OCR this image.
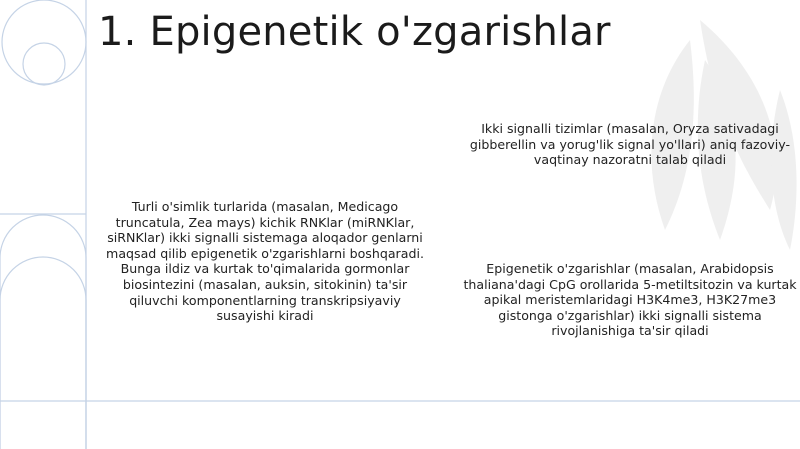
1. Epigenetik o'zgarishlar
Turli o'simlik turlarida (masalan, Medicago truncatula, Zea mays) kichik RNKlar (miRNKlar, siRNKlar) ikki signalli sistemaga aloqador genlarni maqsad qilib epigenetik o'zgarishlarni boshqaradi. Bunga ildiz va kurtak to'qimalarida gormonlar biosintezini (masalan, auksin, sitokinin) ta'sir qiluvchi komponentlarning transkripsiyaviy susayishi kiradi
Ikki signalli tizimlar (masalan, Oryza sativadagi gibberellin va yorug'lik signal yo'llari) aniq fazoviy-vaqtinay nazoratni talab qiladi
Epigenetik o'zgarishlar (masalan, Arabidopsis thaliana'dagi CpG orollarida 5-metiltsitozin va kurtak apikal meristemlaridagi H3K4me3, H3K27me3 gistonga o'zgarishlar) ikki signalli sistema rivojlanishiga ta'sir qiladi
